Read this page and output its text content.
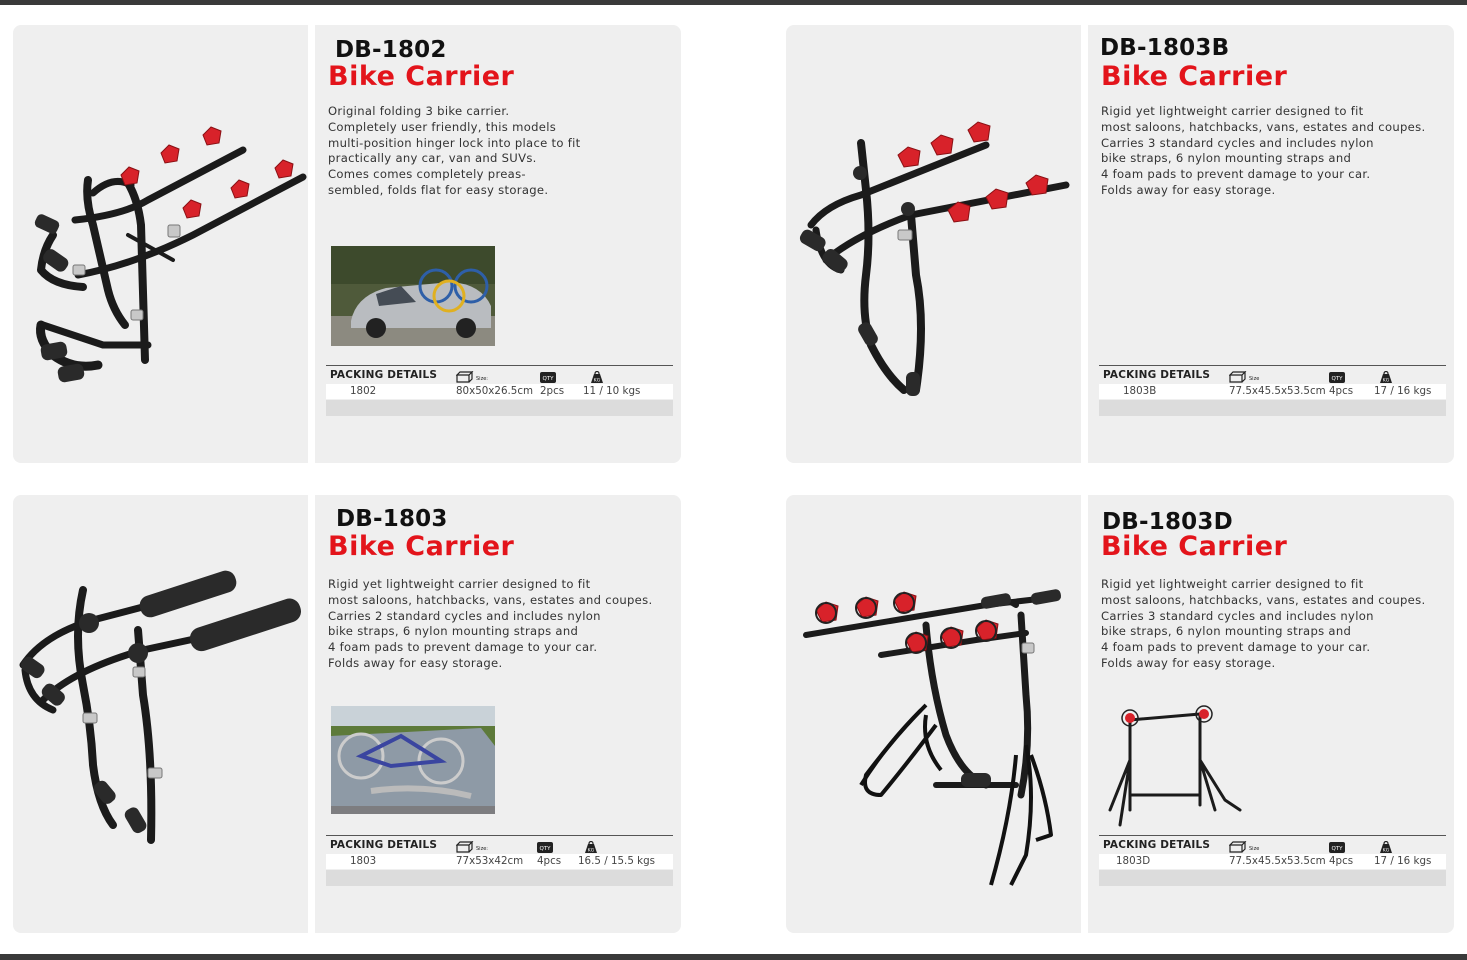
DB-1802
Bike Carrier
Original folding 3 bike carrier.
Completely user friendly, this models
multi-position hinger lock into place to fit
practically any car, van and SUVs.
Comes comes completely preas-
sembled, folds flat for easy storage.
PACKING DETAILS	Size:	QTY	KG
1802	80x50x26.5cm 2pcs 11 / 10 kgs
DB-1803B
Bike Carrier
Rigid yet lightweight carrier designed to fit
most saloons, hatchbacks, vans, estates and coupes.
Carries 3 standard cycles and includes nylon
bike straps, 6 nylon mounting straps and
4 foam pads to prevent damage to your car.
Folds away for easy storage.
PACKING DETAILS	Size	QTY	KG
1803B	77.5x45.5x53.5cm 4pcs 17 / 16 kgs
DB-1803
Bike Carrier
Rigid yet lightweight carrier designed to fit
most saloons, hatchbacks, vans, estates and coupes.
Carries 2 standard cycles and includes nylon
bike straps, 6 nylon mounting straps and
4 foam pads to prevent damage to your car.
Folds away for easy storage.
PACKING DETAILS	Size:	QTY	KG
1803	77x53x42cm 4pcs 16.5 / 15.5 kgs
DB-1803D
Bike Carrier
Rigid yet lightweight carrier designed to fit
most saloons, hatchbacks, vans, estates and coupes.
Carries 3 standard cycles and includes nylon
bike straps, 6 nylon mounting straps and
4 foam pads to prevent damage to your car.
Folds away for easy storage.
PACKING DETAILS	Size	QTY	KG
1803D	77.5x45.5x53.5cm 4pcs 17 / 16 kgs
